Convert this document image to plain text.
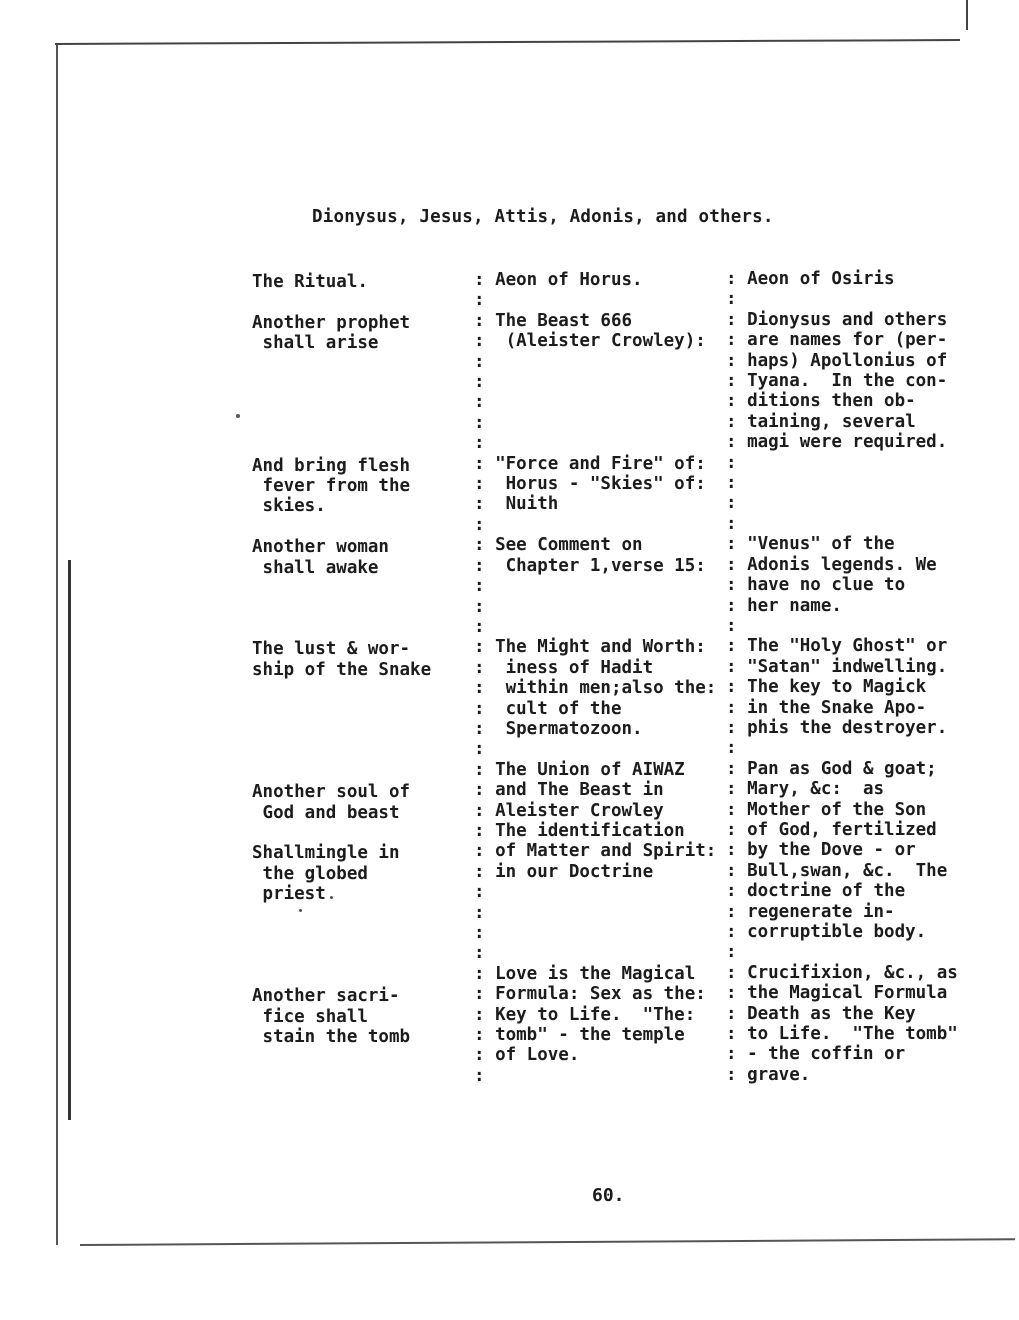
Dionysus, Jesus, Attis, Adonis, and others.
The Ritual.

Another prophet
shall arise

And bring flesh
fever from the
skies.

Another woman
shall awake

The lust & wor-
ship of the Snake

Another soul of
God and beast

Shallmingle in
the globed
priest

Another sacri-
fice shall
stain the tomb
: Aeon of Horus.
:
: The Beast 666
:  (Aleister Crowley):
:
:
:
:
:
: "Force and Fire" of:
:  Horus - "Skies" of:
:  Nuith
:
: See Comment on
:  Chapter 1,verse 15:
:
:
:
: The Might and Worth:
:  iness of Hadit
:  within men;also the:
:  cult of the
:  Spermatozoon.
:
: The Union of AIWAZ
: and The Beast in
: Aleister Crowley
: The identification
: of Matter and Spirit:
: in our Doctrine
:
:
:
:
: Love is the Magical
: Formula: Sex as the:
: Key to Life.  "The:
: tomb" - the temple
: of Love.
:
: Aeon of Osiris
:
: Dionysus and others
: are names for (per-
: haps) Apollonius of
: Tyana.  In the con-
: ditions then ob-
: taining, several
: magi were required.
:
:
:
:
: "Venus" of the
: Adonis legends. We
: have no clue to
: her name.
:
: The "Holy Ghost" or
: "Satan" indwelling.
: The key to Magick
: in the Snake Apo-
: phis the destroyer.
:
: Pan as God & goat;
: Mary, &c:  as
: Mother of the Son
: of God, fertilized
: by the Dove - or
: Bull,swan, &c.  The
: doctrine of the
: regenerate in-
: corruptible body.
:
: Crucifixion, &c., as
: the Magical Formula
: Death as the Key
: to Life.  "The tomb"
: - the coffin or
: grave.
60.
